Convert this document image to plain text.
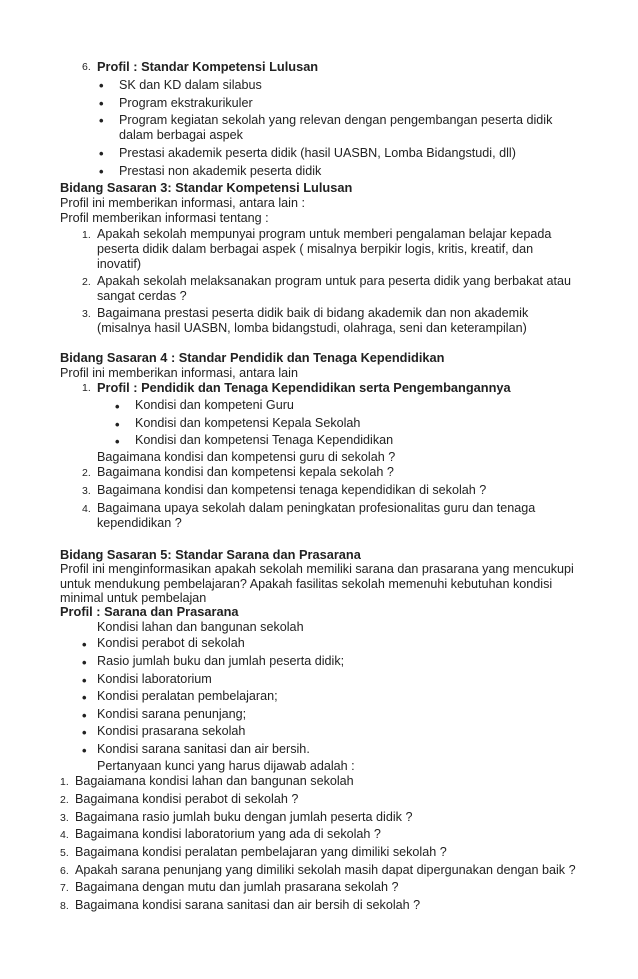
6. Profil : Standar Kompetensi Lulusan
• SK dan KD dalam silabus
• Program ekstrakurikuler
• Program kegiatan sekolah yang relevan dengan pengembangan peserta didik
dalam berbagai aspek
• Prestasi akademik peserta didik (hasil UASBN, Lomba Bidangstudi, dll)
• Prestasi non akademik peserta didik
Bidang Sasaran 3: Standar Kompetensi Lulusan
Profil ini memberikan informasi, antara lain :
Profil memberikan informasi tentang :
1. Apakah sekolah mempunyai program untuk memberi pengalaman belajar kepada
peserta didik dalam berbagai aspek ( misalnya berpikir logis, kritis, kreatif, dan
inovatif)
2. Apakah sekolah melaksanakan program untuk para peserta didik yang berbakat atau
sangat cerdas ?
3. Bagaimana prestasi peserta didik baik di bidang akademik dan non akademik
(misalnya hasil UASBN, lomba bidangstudi, olahraga, seni dan keterampilan)
Bidang Sasaran 4 : Standar Pendidik dan Tenaga Kependidikan
Profil ini memberikan informasi, antara lain
1. Profil : Pendidik dan Tenaga Kependidikan serta Pengembangannya
• Kondisi dan kompeteni Guru
• Kondisi dan kompetensi Kepala Sekolah
• Kondisi dan kompetensi Tenaga Kependidikan
Bagaimana kondisi dan kompetensi guru di sekolah ?
2. Bagaimana kondisi dan kompetensi kepala sekolah ?
3. Bagaimana kondisi dan kompetensi tenaga kependidikan di sekolah ?
4. Bagaimana upaya sekolah dalam peningkatan profesionalitas guru dan tenaga
kependidikan ?
Bidang Sasaran 5: Standar Sarana dan Prasarana
Profil ini menginformasikan apakah sekolah memiliki sarana dan prasarana yang mencukupi
untuk mendukung pembelajaran? Apakah fasilitas sekolah memenuhi kebutuhan kondisi
minimal untuk pembelajan
Profil : Sarana dan Prasarana
Kondisi lahan dan bangunan sekolah
• Kondisi perabot di sekolah
• Rasio jumlah buku dan jumlah peserta didik;
• Kondisi laboratorium
• Kondisi peralatan pembelajaran;
• Kondisi sarana penunjang;
• Kondisi prasarana sekolah
• Kondisi sarana sanitasi dan air bersih.
Pertanyaan kunci yang harus dijawab adalah :
1. Bagaiamana kondisi lahan dan bangunan sekolah
2. Bagaimana kondisi perabot di sekolah ?
3. Bagaimana rasio jumlah buku dengan jumlah peserta didik ?
4. Bagaimana kondisi laboratorium yang ada di sekolah ?
5. Bagaimana kondisi peralatan pembelajaran yang dimiliki sekolah ?
6. Apakah sarana penunjang yang dimiliki sekolah masih dapat dipergunakan dengan baik ?
7. Bagaimana dengan mutu dan jumlah prasarana sekolah ?
8. Bagaimana kondisi sarana sanitasi dan air bersih di sekolah ?
